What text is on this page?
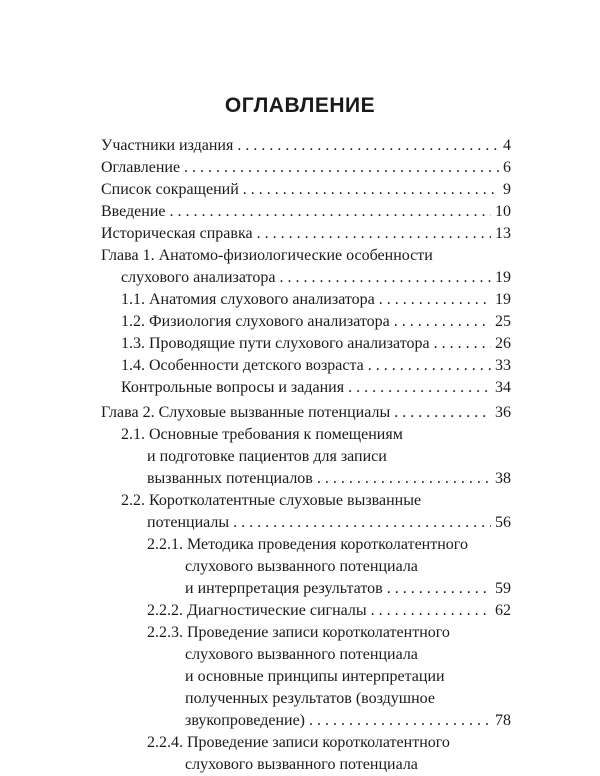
ОГЛАВЛЕНИЕ
Участники издания . . .	4
Оглавление . . .	6
Список сокращений . . .	9
Введение . . .	10
Историческая справка . . .	13
Глава 1. Анатомо-физиологические особенности
слухового анализатора . . .	19
1.1. Анатомия слухового анализатора . . .	19
1.2. Физиология слухового анализатора . . .	25
1.3. Проводящие пути слухового анализатора . . .	26
1.4. Особенности детского возраста . . .	33
Контрольные вопросы и задания . . .	34
Глава 2. Слуховые вызванные потенциалы . . .	36
2.1. Основные требования к помещениям
и подготовке пациентов для записи
вызванных потенциалов . . .	38
2.2. Коротколатентные слуховые вызванные
потенциалы . . .	56
2.2.1. Методика проведения коротколатентного
слухового вызванного потенциала
и интерпретация результатов . . .	59
2.2.2. Диагностические сигналы . . .	62
2.2.3. Проведение записи коротколатентного
слухового вызванного потенциала
и основные принципы интерпретации
полученных результатов (воздушное
звукопроведение) . . .	78
2.2.4. Проведение записи коротколатентного
слухового вызванного потенциала
